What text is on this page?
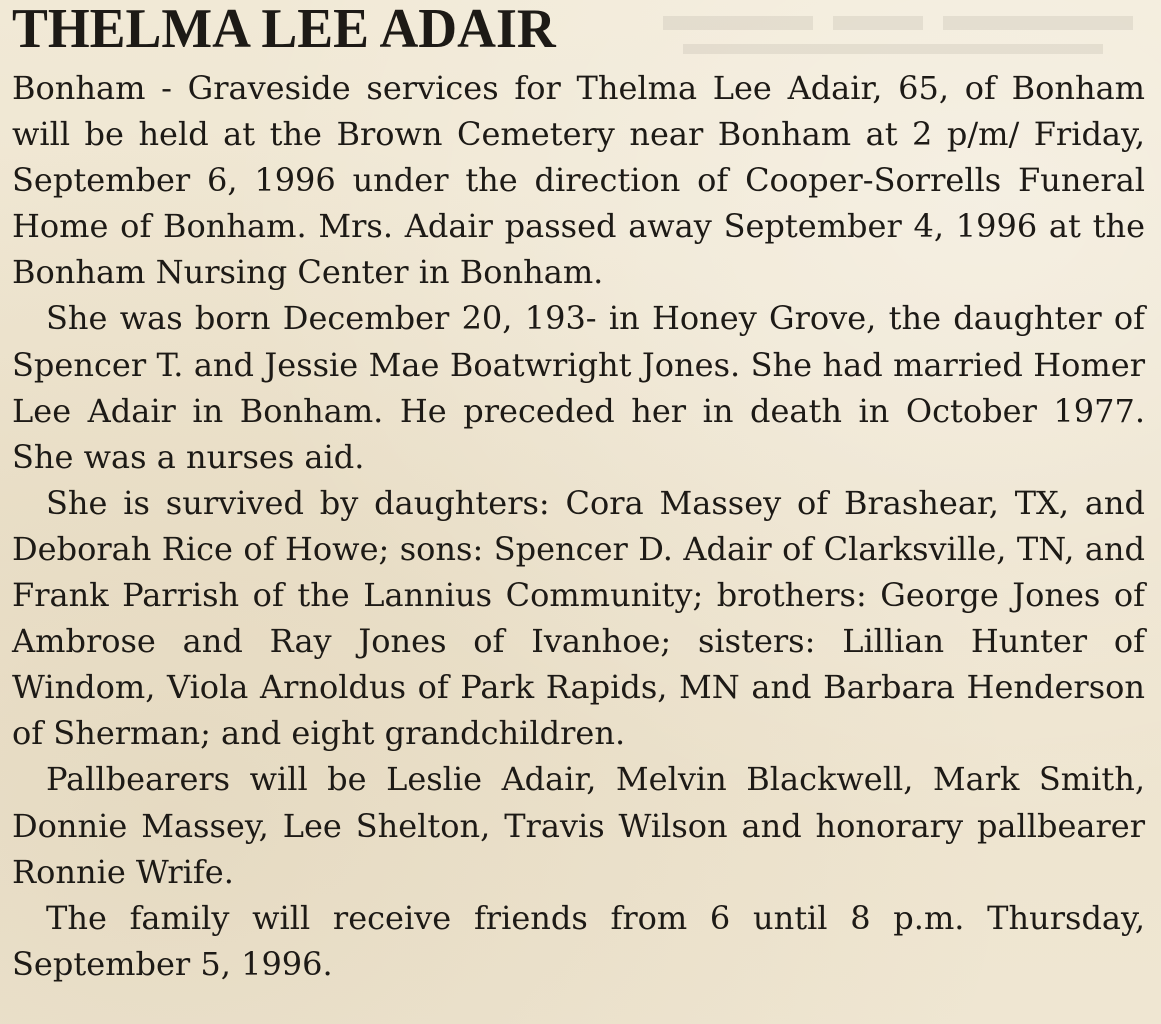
THELMA LEE ADAIR

Bonham - Graveside services for Thelma Lee Adair, 65, of Bonham will be held at the Brown Cemetery near Bonham at 2 p/m/ Friday, September 6, 1996 under the direction of Cooper-Sorrells Funeral Home of Bonham. Mrs. Adair passed away September 4, 1996 at the Bonham Nursing Center in Bonham.

She was born December 20, 193- in Honey Grove, the daughter of Spencer T. and Jessie Mae Boatwright Jones. She had married Homer Lee Adair in Bonham. He preceded her in death in October 1977. She was a nurses aid.

She is survived by daughters: Cora Massey of Brashear, TX, and Deborah Rice of Howe; sons: Spencer D. Adair of Clarksville, TN, and Frank Parrish of the Lannius Community; brothers: George Jones of Ambrose and Ray Jones of Ivanhoe; sisters: Lillian Hunter of Windom, Viola Arnoldus of Park Rapids, MN and Barbara Henderson of Sherman; and eight grandchildren.

Pallbearers will be Leslie Adair, Melvin Blackwell, Mark Smith, Donnie Massey, Lee Shelton, Travis Wilson and honorary pallbearer Ronnie Wrife.

The family will receive friends from 6 until 8 p.m. Thursday, September 5, 1996.
